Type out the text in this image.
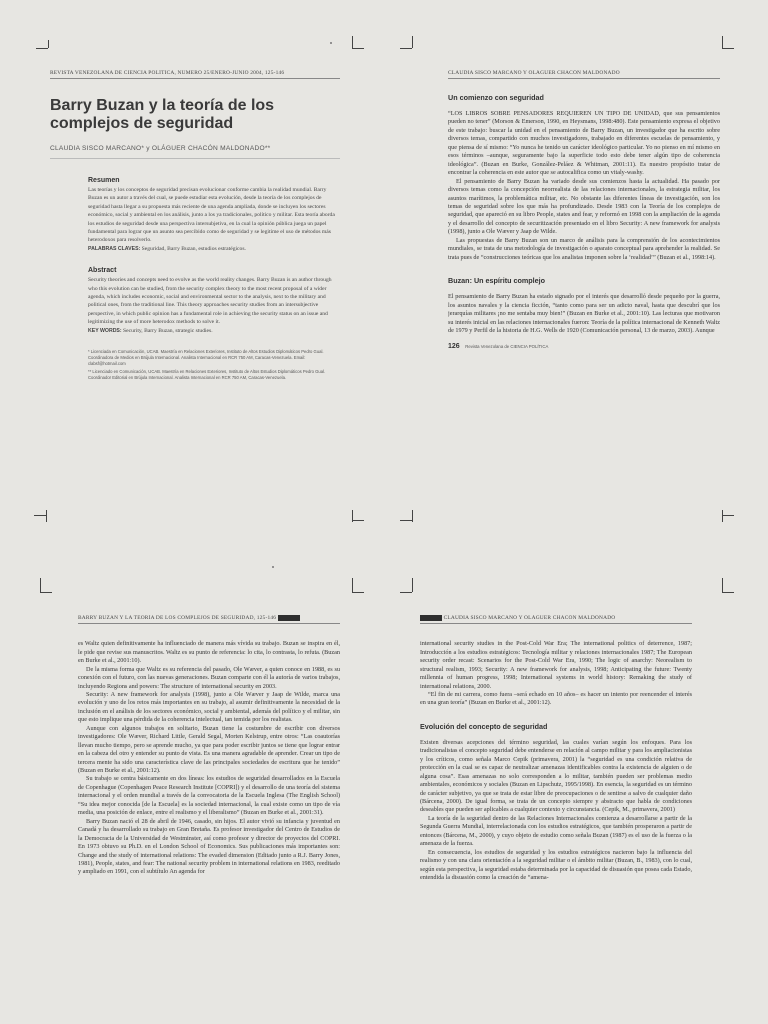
REVISTA VENEZOLANA DE CIENCIA POLÍTICA, NÚMERO 25/ENERO-JUNIO 2004, 125-146
Barry Buzan y la teoría de los complejos de seguridad
CLAUDIA SISCO MARCANO* y OLÁGUER CHACÓN MALDONADO**
Resumen

Las teorías y los conceptos de seguridad precisan evolucionar conforme cambia la realidad mundial. Barry Buzan es un autor a través del cual, se puede estudiar esta evolución, desde la teoría de los complejos de seguridad hasta llegar a su propuesta más reciente de una agenda ampliada, donde se incluyen los sectores económico, social y ambiental en los análisis, junto a los ya tradicionales, político y militar. Esta teoría aborda los estudios de seguridad desde una perspectiva intersubjetiva, en la cual la opinión pública juega un papel fundamental para lograr que un asunto sea percibido como de seguridad y se legitime el uso de métodos más heterodoxos para resolverlo.

PALABRAS CLAVES: Seguridad, Barry Buzan, estudios estratégicos.

Abstract

Security theories and concepts need to evolve as the world reality changes. Barry Buzan is an author through who this evolution can be studied, from the security complex theory to the most recent proposal of a wider agenda, which includes economic, social and environmental sector to the analysis, next to the military and political ones, from the traditional line. This theory approaches security studies from an intersubjective perspective, in which public opinion has a fundamental role in achieving the security status on an issue and legitimizing the use of more heterodox methods to solve it.

KEY WORDS: Security, Barry Buzan, strategic studies.

* Licenciada en Comunicación, UCAB. Maestría en Relaciones Exteriores, Instituto de Altos Estudios Diplomáticos Pedro Gual. Coordinadora de Medios en Brújula Internacional. Analista Internacional en RCR 750 AM, Caracas-Venezuela. Email: clabsf@hotmail.com

** Licenciado en Comunicación, UCAB. Maestría en Relaciones Exteriores, Instituto de Altos Estudios Diplomáticos Pedro Gual. Coordinador Editorial en Brújula Internacional. Analista Internacional en RCR 750 AM, Caracas-Venezuela.

CLAUDIA SISCO MARCANO Y OLÁGUER CHACÓN MALDONADO
Un comienzo con seguridad

“LOS LIBROS SOBRE PENSADORES REQUIEREN UN TIPO DE UNIDAD, que sus pensamientos pueden no tener” (Morson & Emerson, 1990, en Heysmans, 1998:480). Este pensamiento expresa el objetivo de este trabajo: buscar la unidad en el pensamiento de Barry Buzan, un investigador que ha escrito sobre diversos temas, compartido con muchos investigadores, trabajado en diferentes escuelas de pensamiento, y que piensa de sí mismo: “Yo nunca he tenido un carácter ideológico particular. Yo no pienso en mí mismo en esos términos –aunque, seguramente bajo la superficie todo esto debe tener algún tipo de coherencia ideológica”. (Buzan en Burke, González-Peláez & Whitman, 2001:11). Es nuestro propósito tratar de encontrar la coherencia en este autor que se autocalifica como un vitaly-washy.

El pensamiento de Barry Buzan ha variado desde sus comienzos hasta la actualidad. Ha pasado por diversos temas como la concepción neorrealista de las relaciones internacionales, la estrategia militar, los asuntos marítimos, la problemática militar, etc. No obstante las diferentes líneas de investigación, son los temas de seguridad sobre los que más ha profundizado. Desde 1983 con la Teoría de los complejos de seguridad, que apareció en su libro People, states and fear, y reformó en 1998 con la ampliación de la agenda y el desarrollo del concepto de securitización presentado en el libro Security: A new framework for analysis (1998), junto a Ole Wæver y Jaap de Wilde.

Las propuestas de Barry Buzan son un marco de análisis para la comprensión de los acontecimientos mundiales, se trata de una metodología de investigación o aparato conceptual para aprehender la realidad. Se trata pues de “construcciones teóricas que los analistas imponen sobre la ‘realidad’” (Buzan et al., 1998:14).

Buzan: Un espíritu complejo

El pensamiento de Barry Buzan ha estado signado por el interés que desarrolló desde pequeño por la guerra, los asuntos navales y la ciencia ficción, “tanto como para ser un adicto naval, hasta que descubrí que los jerarquías militares ¡no me sentaba muy bien!” (Buzan en Burke et al., 2001:10). Las lecturas que motivaron su interés inicial en las relaciones internacionales fueron: Teoría de la política internacional de Kenneth Waltz de 1979 y Perfil de la historia de H.G. Wells de 1920 (Comunicación personal, 13 de marzo, 2003). Aunque

126 Revista Venezolana de CIENCIA POLÍTICA
BARRY BUZAN Y LA TEORÍA DE LOS COMPLEJOS DE SEGURIDAD, 125-146

es Waltz quien definitivamente ha influenciado de manera más vívida su trabajo. Buzan se inspira en él, le pide que revise sus manuscritos. Waltz es su punto de referencia: lo cita, lo contrasta, lo refuta. (Buzan en Burke et al., 2001:10).

De la misma forma que Waltz es su referencia del pasado, Ole Wæver, a quien conoce en 1988, es su conexión con el futuro, con las nuevas generaciones. Buzan comparte con él la autoría de varios trabajos, incluyendo Regions and powers: The structure of international security en 2003.

Security: A new framework for analysis (1998), junto a Ole Wæver y Jaap de Wilde, marca una evolución y uno de los retos más importantes en su trabajo, al asumir definitivamente la necesidad de la inclusión en el análisis de los sectores económico, social y ambiental, además del político y el militar, sin que esto implique una pérdida de la coherencia intelectual, tan temida por los realistas.

Aunque con algunos trabajos en solitario, Buzan tiene la costumbre de escribir con diversos investigadores: Ole Wæver, Richard Little, Gerald Segal, Morten Kelstrup, entre otros: “Las coautorías llevan mucho tiempo, pero se aprende mucho, ya que para poder escribir juntos se tiene que lograr entrar en la cabeza del otro y entender su punto de vista. Es una manera agradable de aprender. Crear un tipo de tercera mente ha sido una característica clave de las principales sociedades de escritura que he tenido” (Buzan en Burke et al., 2001:12).

Su trabajo se centra básicamente en dos líneas: los estudios de seguridad desarrollados en la Escuela de Copenhague (Copenhagen Peace Research Institute [COPRI]) y el desarrollo de una teoría del sistema internacional y el orden mundial a través de la convocatoria de la Escuela Inglesa (The English School) “Su idea mejor conocida [de la Escuela] es la sociedad internacional, la cual existe como un tipo de vía media, una posición de enlace, entre el realismo y el liberalismo” (Buzan en Burke et al., 2001:31).

Barry Buzan nació el 28 de abril de 1946, casado, sin hijos. El autor vivió su infancia y juventud en Canadá y ha desarrollado su trabajo en Gran Bretaña. Es profesor investigador del Centro de Estudios de la Democracia de la Universidad de Westminster, así como profesor y director de proyectos del COPRI. En 1973 obtuvo su Ph.D. en el London School of Economics. Sus publicaciones más importantes son: Change and the study of international relations: The evaded dimension (Editado junto a R.J. Barry Jones, 1981), People, states, and fear: The national security problem in international relations en 1983, reeditado y ampliado en 1991, con el subtítulo An agenda for

CLAUDIA SISCO MARCANO Y OLÁGUER CHACÓN MALDONADO

international security studies in the Post-Cold War Era; The international politics of deterrence, 1987; Introducción a los estudios estratégicos: Tecnología militar y relaciones internacionales 1987; The European security order recast: Scenarios for the Post-Cold War Era, 1990; The logic of anarchy: Neorealism to structural realism, 1993; Security: A new framework for analysis, 1998; Anticipating the future: Twenty millennia of human progress, 1998; International systems in world history: Remaking the study of international relations, 2000.

“El fin de mi carrera, como fuera –será echado en 10 años– es hacer un intento por reencender el interés en una gran teoría” (Buzan en Burke et al., 2001:12).

Evolución del concepto de seguridad

Existen diversas acepciones del término seguridad, las cuales varían según los enfoques. Para los tradicionalistas el concepto seguridad debe entenderse en relación al campo militar y para los ampliacionistas y los críticos, como señala Marco Cepik (primavera, 2001) la “seguridad es una condición relativa de protección en la cual se es capaz de neutralizar amenazas identificables contra la existencia de alguien o de alguna cosa”. Esas amenazas no solo corresponden a lo militar, también pueden ser problemas medio ambientales, económicos y sociales (Buzan en Lipschutz, 1995/1998). En esencia, la seguridad es un término de carácter subjetivo, ya que se trata de estar libre de preocupaciones o de sentirse a salvo de cualquier daño (Bárcena, 2000). De igual forma, se trata de un concepto siempre y abstracto que habla de condiciones deseables que pueden ser aplicables a cualquier contexto y circunstancia. (Cepik, M., primavera, 2001)

La teoría de la seguridad dentro de las Relaciones Internacionales comienza a desarrollarse a partir de la Segunda Guerra Mundial, interrelacionada con los estudios estratégicos, que también prosperaron a partir de entonces (Bárcena, M., 2000), y cuyo objeto de estudio como señala Buzan (1987) es el uso de la fuerza o la amenaza de la fuerza.

En consecuencia, los estudios de seguridad y los estudios estratégicos nacieron bajo la influencia del realismo y con una clara orientación a la seguridad militar o el ámbito militar (Buzan, B., 1983), con lo cual, según esta perspectiva, la seguridad estaba determinada por la capacidad de disuasión que posea cada Estado, entendida la disuasión como la creación de “amena-
